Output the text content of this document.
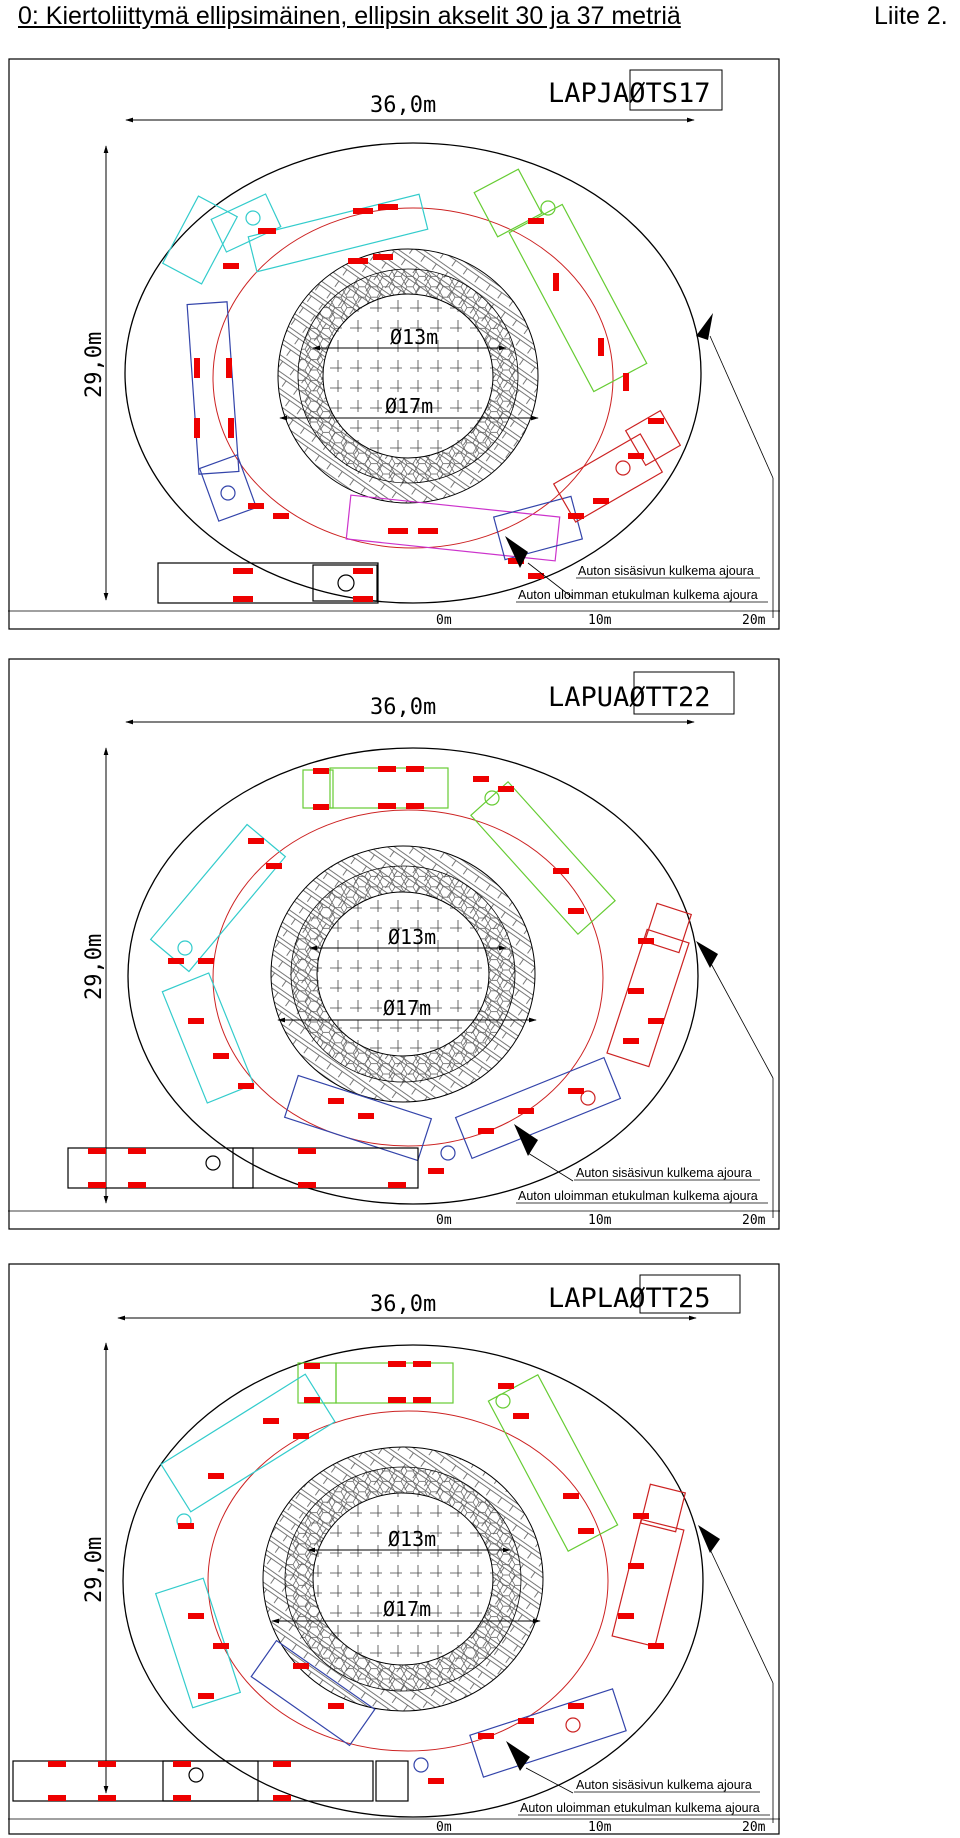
0: Kiertoliittymä ellipsimäinen, ellipsin akselit 30 ja 37 metriä	Liite 2.
LAPJAØTS17
36,0m
29,0m	Ø13m
Ø17m
Auton sisäsivun kulkema ajoura
Auton uloimman etukulman kulkema ajoura
0m	10m	20m
LAPUAØTT22
36,0m
29,0m	Ø13m
Ø17m
Auton sisäsivun kulkema ajoura
Auton uloimman etukulman kulkema ajoura
0m	10m	20m
LAPLAØTT25
36,0m
29,0m	Ø13m
Ø17m
Auton sisäsivun kulkema ajoura
Auton uloimman etukulman kulkema ajoura
0m	10m	20m
